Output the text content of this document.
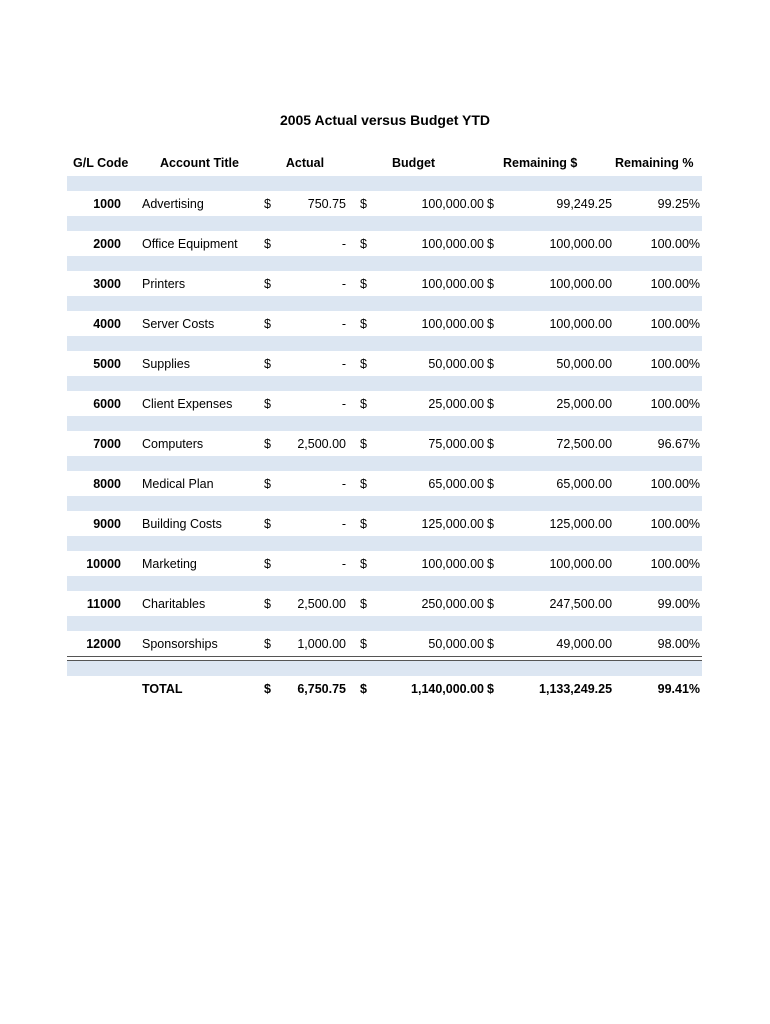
2005 Actual versus Budget YTD
G/L Code	Account Title	Actual		Budget		Remaining $		Remaining %

1000	Advertising	$	750.75	$	100,000.00	$	99,249.25	99.25%

2000	Office Equipment	$	-	$	100,000.00	$	100,000.00	100.00%

3000	Printers	$	-	$	100,000.00	$	100,000.00	100.00%

4000	Server Costs	$	-	$	100,000.00	$	100,000.00	100.00%

5000	Supplies	$	-	$	50,000.00	$	50,000.00	100.00%

6000	Client Expenses	$	-	$	25,000.00	$	25,000.00	100.00%

7000	Computers	$	2,500.00	$	75,000.00	$	72,500.00	96.67%

8000	Medical Plan	$	-	$	65,000.00	$	65,000.00	100.00%

9000	Building Costs	$	-	$	125,000.00	$	125,000.00	100.00%

10000	Marketing	$	-	$	100,000.00	$	100,000.00	100.00%

11000	Charitables	$	2,500.00	$	250,000.00	$	247,500.00	99.00%

12000	Sponsorships	$	1,000.00	$	50,000.00	$	49,000.00	98.00%

	TOTAL	$	6,750.75	$	1,140,000.00	$	1,133,249.25	99.41%
